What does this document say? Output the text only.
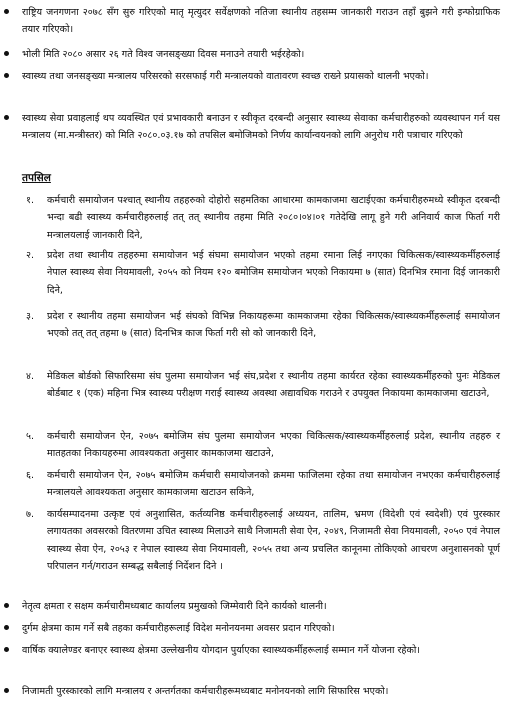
राष्ट्रिय जनगणना २०७८ सँग सुरु गरिएको मातृ मृत्युदर सर्वेक्षणको नतिजा स्थानीय तहसम्म जानकारी गराउन तहाँ बुझने गरी इन्फोग्राफिक तयार गरिएको।
भोली मिति २०८० असार २६ गते विश्व जनसङ्ख्या दिवस मनाउने तयारी भईरहेको।
स्वास्थ्य तथा जनसङ्ख्या मन्त्रालय परिसरको सरसफाई गरी मन्त्रालयको वातावरण स्वच्छ राख्ने प्रयासको थालनी भएको।
स्वास्थ्य सेवा प्रवाहलाई थप व्यवस्थित एवं प्रभावकारी बनाउन र स्वीकृत दरबन्दी अनुसार स्वास्थ्य सेवाका कर्मचारीहरुको व्यवस्थापन गर्न यस मन्त्रालय (मा.मन्त्रीस्तर) को मिति २०८०.०३.१७ को तपसिल बमोजिमको निर्णय कार्यान्वयनको लागि अनुरोध गरी पत्राचार गरिएको
तपसिल
१. कर्मचारी समायोजन पश्चात् स्थानीय तहहरुको दोहोरो सहमतिका आधारमा कामकाजमा खटाईएका कर्मचारीहरुमध्ये स्वीकृत दरबन्दी भन्दा बढी स्वास्थ्य कर्मचारीहरुलाई तत् तत् स्थानीय तहमा मिति २०८०।०४।०१ गतेदेखि लागू हुने गरी अनिवार्य काज फिर्ता गरी मन्त्रालयलाई जानकारी दिने,
२. प्रदेश तथा स्थानीय तहहरुमा समायोजन भई संघमा समायोजन भएको तहमा रमाना लिई नगएका चिकित्सक/स्वास्थ्यकर्मीहरुलाई नेपाल स्वास्थ्य सेवा नियमावली, २०५५ को नियम १२० बमोजिम समायोजन भएको निकायमा ७ (सात) दिनभित्र रमाना दिई जानकारी दिने,
३. प्रदेश र स्थानीय तहमा समायोजन भई संघको विभिन्न निकायहरूमा कामकाजमा रहेका चिकित्सक/स्वास्थ्यकर्मीहरूलाई समायोजन भएको तत् तत् तहमा ७ (सात) दिनभित्र काज फिर्ता गरी सो को जानकारी दिने,
४. मेडिकल बोर्डको सिफारिसमा संघ पुलमा समायोजन भई संघ,प्रदेश र स्थानीय तहमा कार्यरत रहेका स्वास्थ्यकर्मीहरुको पुनः मेडिकल बोर्डबाट १ (एक) महिना भित्र स्वास्थ्य परीक्षण गराई स्वास्थ्य अवस्था अद्यावधिक गराउने र उपयुक्त निकायमा कामकाजमा खटाउने,
५. कर्मचारी समायोजन ऐन, २०७५ बमोजिम संघ पुलमा समायोजन भएका चिकित्सक/स्वास्थ्यकर्मीहरुलाई प्रदेश, स्थानीय तहहरु र मातहतका निकायहरुमा आवश्यकता अनुसार कामकाजमा खटाउने,
६. कर्मचारी समायोजन ऐन, २०७५ बमोजिम कर्मचारी समायोजनको क्रममा फाजिलमा रहेका तथा समायोजन नभएका कर्मचारीहरुलाई मन्त्रालयले आवश्यकता अनुसार कामकाजमा खटाउन सकिने,
७. कार्यसम्पादनमा उत्कृष्ट एवं अनुशासित, कर्तव्यनिष्ठ कर्मचारीहरुलाई अध्ययन, तालिम, भ्रमण (विदेशी एवं स्वदेशी) एवं पुरस्कार लगायतका अवसरको वितरणमा उचित स्वास्थ्य मिलाउने साथै निजामती सेवा ऐन, २०४९, निजामती सेवा नियमावली, २०५० एवं नेपाल स्वास्थ्य सेवा ऐन, २०५३ र नेपाल स्वास्थ्य सेवा नियमावली, २०५५ तथा अन्य प्रचलित कानूनमा तोकिएको आचरण अनुशासनको पूर्ण परिपालन गर्न/गराउन सम्बद्ध सबैलाई निर्देशन दिने ।
नेतृत्व क्षमता र सक्षम कर्मचारीमध्यबाट कार्यालय प्रमुखको जिम्मेवारी दिने कार्यको थालनी।
दुर्गम क्षेत्रमा काम गर्ने सबै तहका कर्मचारीहरूलाई विदेश मनोनयनमा अवसर प्रदान गरिएको।
वार्षिक क्यालेण्डर बनाएर स्वास्थ्य क्षेत्रमा उल्लेखनीय योगदान पुर्याएका स्वास्थ्यकर्मीहरूलाई सम्मान गर्ने योजना रहेको।
निजामती पुरस्कारको लागि मन्त्रालय र अन्तर्गतका कर्मचारीहरूमध्यबाट मनोनयनको लागि सिफारिस भएको।
